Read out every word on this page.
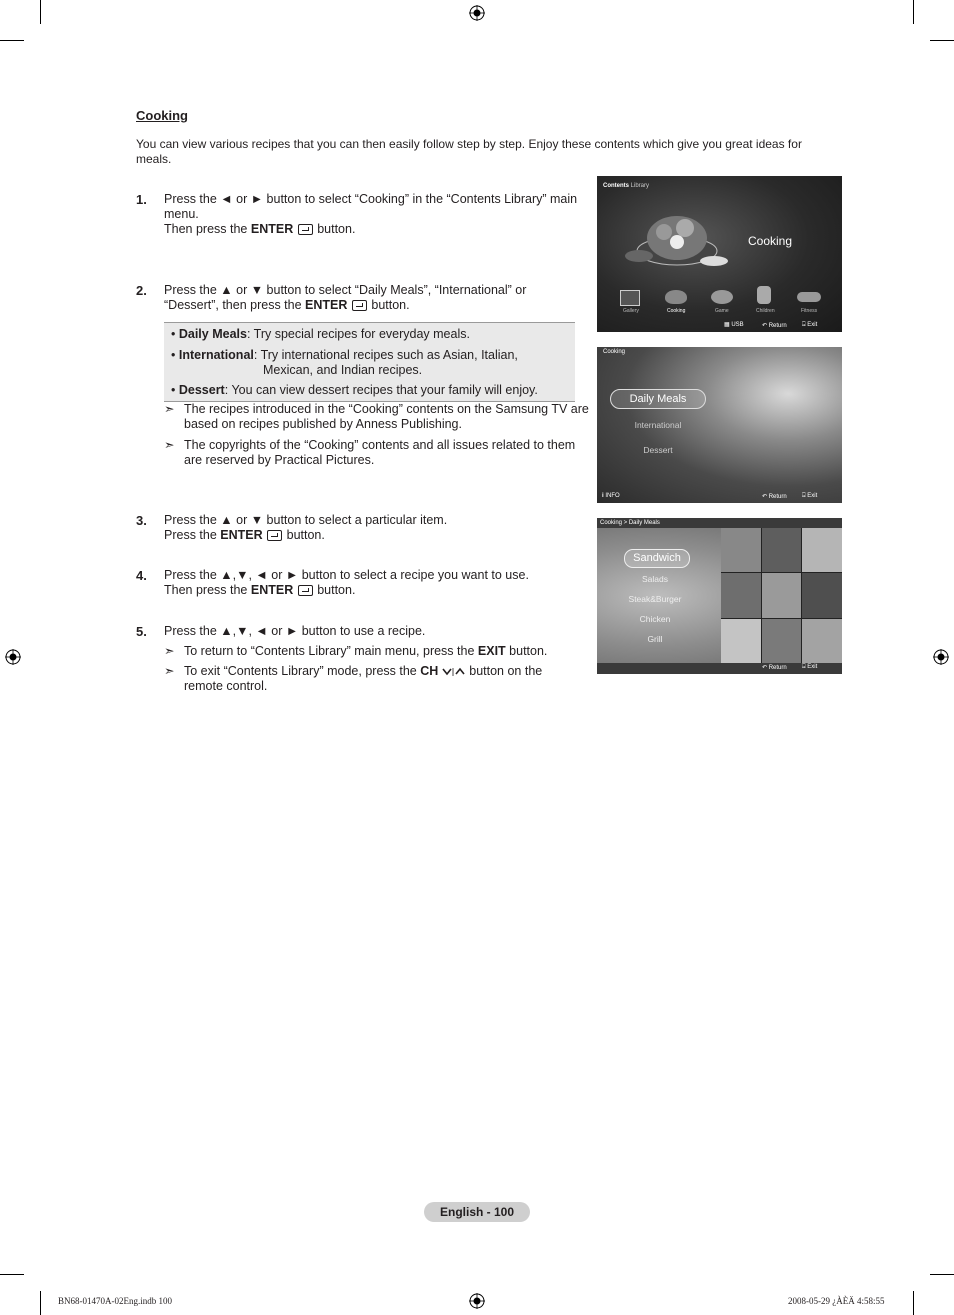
Cooking
You can view various recipes that you can then easily follow step by step. Enjoy these contents which give you great ideas for meals.
1. Press the ◄ or ► button to select “Cooking” in the “Contents Library” main menu.
Then press the ENTER  button.
2. Press the ▲ or ▼ button to select “Daily Meals”, “International” or “Dessert”, then press the ENTER  button.
• Daily Meals: Try special recipes for everyday meals.
• International: Try international recipes such as Asian, Italian,
Mexican, and Indian recipes.
• Dessert: You can view dessert recipes that your family will enjoy.
➣ The recipes introduced in the “Cooking” contents on the Samsung TV are based on recipes published by Anness Publishing.
➣ The copyrights of the “Cooking” contents and all issues related to them are reserved by Practical Pictures.
3. Press the ▲ or ▼ button to select a particular item.
Press the ENTER  button.
4. Press the ▲,▼, ◄ or ► button to select a recipe you want to use.
Then press the ENTER  button.
5. Press the ▲,▼, ◄ or ► button to use a recipe.
➣ To return to “Contents Library” main menu, press the EXIT button.
➣ To exit “Contents Library” mode, press the CH  button on the remote control.
Contents Library
Cooking
Gallery	Cooking	Game	Children	Fitness
▦ USB	↶ Return	⍈ Exit
Cooking
Daily Meals
International
Dessert
i INFO	↶ Return	⍈ Exit
Cooking > Daily Meals
Sandwich
Salads
Steak&Burger
Chicken
Grill
↶ Return	⍈ Exit
English - 100
BN68-01470A-02Eng.indb 100	2008-05-29 ¿ÀÈÄ 4:58:55
